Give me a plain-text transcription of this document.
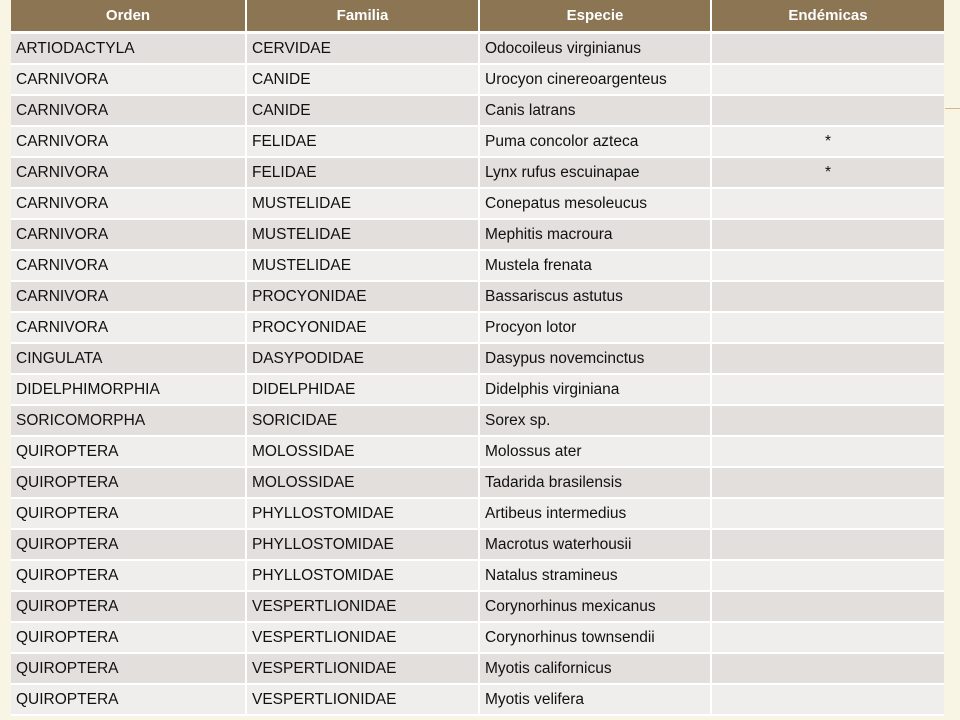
Orden	Familia	Especie	Endémicas
ARTIODACTYLA	CERVIDAE	Odocoileus virginianus	
CARNIVORA	CANIDE	Urocyon cinereoargenteus	
CARNIVORA	CANIDE	Canis latrans	
CARNIVORA	FELIDAE	Puma concolor azteca	*
CARNIVORA	FELIDAE	Lynx rufus escuinapae	*
CARNIVORA	MUSTELIDAE	Conepatus mesoleucus	
CARNIVORA	MUSTELIDAE	Mephitis macroura	
CARNIVORA	MUSTELIDAE	Mustela frenata	
CARNIVORA	PROCYONIDAE	Bassariscus astutus	
CARNIVORA	PROCYONIDAE	Procyon lotor	
CINGULATA	DASYPODIDAE	Dasypus novemcinctus	
DIDELPHIMORPHIA	DIDELPHIDAE	Didelphis virginiana	
SORICOMORPHA	SORICIDAE	Sorex sp.	
QUIROPTERA	MOLOSSIDAE	Molossus ater	
QUIROPTERA	MOLOSSIDAE	Tadarida brasilensis	
QUIROPTERA	PHYLLOSTOMIDAE	Artibeus intermedius	
QUIROPTERA	PHYLLOSTOMIDAE	Macrotus waterhousii	
QUIROPTERA	PHYLLOSTOMIDAE	Natalus stramineus	
QUIROPTERA	VESPERTLIONIDAE	Corynorhinus mexicanus	
QUIROPTERA	VESPERTLIONIDAE	Corynorhinus townsendii	
QUIROPTERA	VESPERTLIONIDAE	Myotis californicus	
QUIROPTERA	VESPERTLIONIDAE	Myotis velifera	
